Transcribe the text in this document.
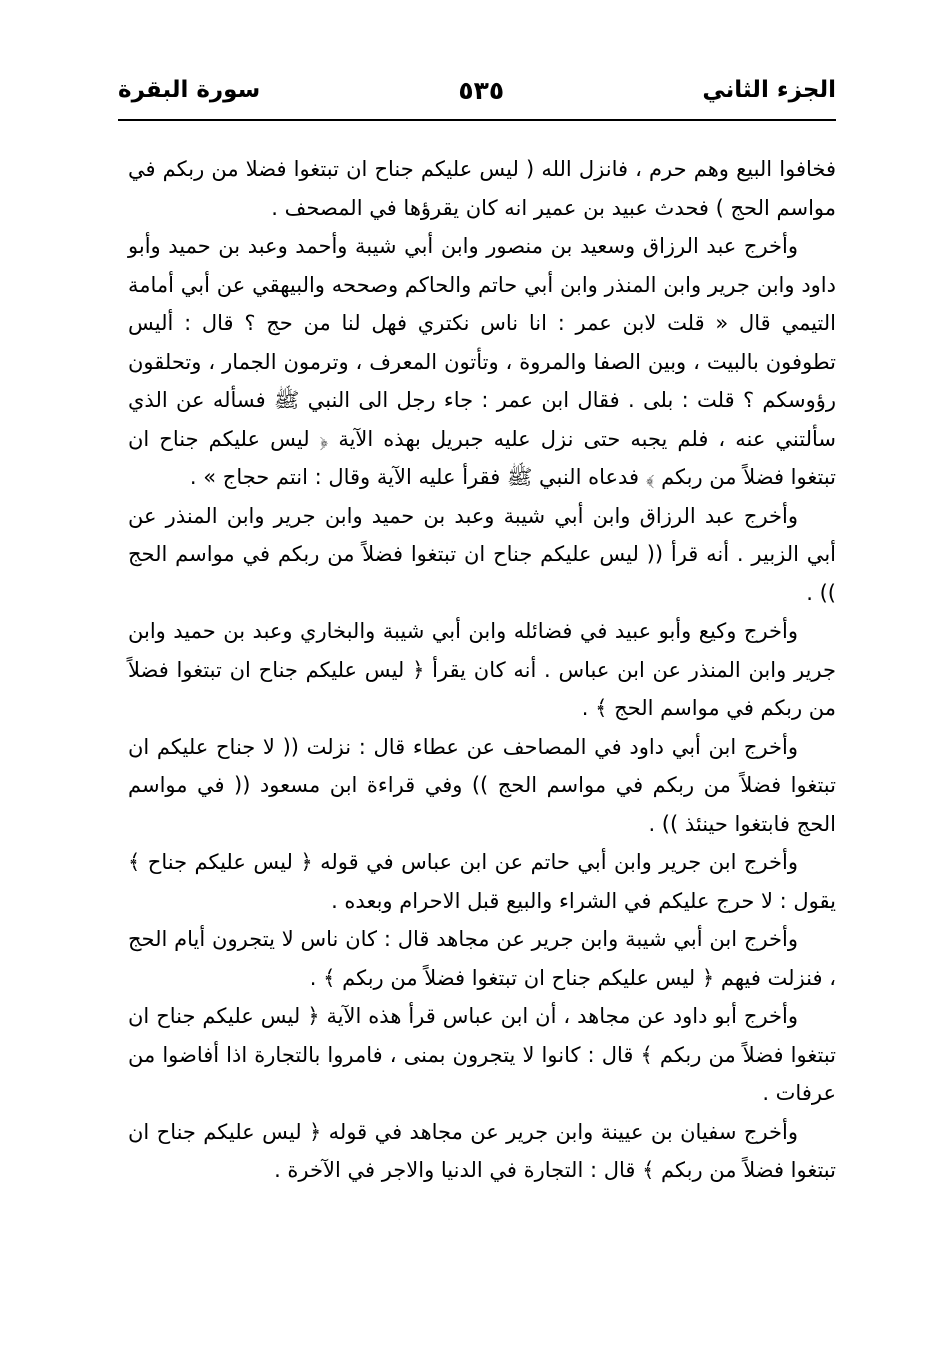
الجزء الثاني
٥٣٥
سورة البقرة

فخافوا البيع وهم حرم ، فانزل الله ( ليس عليكم جناح ان تبتغوا فضلا من ربكم في مواسم الحج ) فحدث عبيد بن عمير انه كان يقرؤها في المصحف .

وأخرج عبد الرزاق وسعيد بن منصور وابن أبي شيبة وأحمد وعبد بن حميد وأبو داود وابن جرير وابن المنذر وابن أبي حاتم والحاكم وصححه والبيهقي عن أبي أمامة التيمي قال « قلت لابن عمر : انا ناس نكتري فهل لنا من حج ؟ قال : أليس تطوفون بالبيت ، وبين الصفا والمروة ، وتأتون المعرف ، وترمون الجمار ، وتحلقون رؤوسكم ؟ قلت : بلى . فقال ابن عمر : جاء رجل الى النبي ﷺ فسأله عن الذي سألتني عنه ، فلم يجبه حتى نزل عليه جبريل بهذه الآية ﴿ ليس عليكم جناح ان تبتغوا فضلاً من ربكم ﴾ فدعاه النبي ﷺ فقرأ عليه الآية وقال : انتم حجاج » .

وأخرج عبد الرزاق وابن أبي شيبة وعبد بن حميد وابن جرير وابن المنذر عن أبي الزبير . أنه قرأ (( ليس عليكم جناح ان تبتغوا فضلاً من ربكم في مواسم الحج )) .

وأخرج وكيع وأبو عبيد في فضائله وابن أبي شيبة والبخاري وعبد بن حميد وابن جرير وابن المنذر عن ابن عباس . أنه كان يقرأ ﴿ ليس عليكم جناح ان تبتغوا فضلاً من ربكم في مواسم الحج ﴾ .

وأخرج ابن أبي داود في المصاحف عن عطاء قال : نزلت (( لا جناح عليكم ان تبتغوا فضلاً من ربكم في مواسم الحج )) وفي قراءة ابن مسعود (( في مواسم الحج فابتغوا حينئذ )) .

وأخرج ابن جرير وابن أبي حاتم عن ابن عباس في قوله ﴿ ليس عليكم جناح ﴾ يقول : لا حرج عليكم في الشراء والبيع قبل الاحرام وبعده .

وأخرج ابن أبي شيبة وابن جرير عن مجاهد قال : كان ناس لا يتجرون أيام الحج ، فنزلت فيهم ﴿ ليس عليكم جناح ان تبتغوا فضلاً من ربكم ﴾ .

وأخرج أبو داود عن مجاهد ، أن ابن عباس قرأ هذه الآية ﴿ ليس عليكم جناح ان تبتغوا فضلاً من ربكم ﴾ قال : كانوا لا يتجرون بمنى ، فامروا بالتجارة اذا أفاضوا من عرفات .

وأخرج سفيان بن عيينة وابن جرير عن مجاهد في قوله ﴿ ليس عليكم جناح ان تبتغوا فضلاً من ربكم ﴾ قال : التجارة في الدنيا والاجر في الآخرة .
